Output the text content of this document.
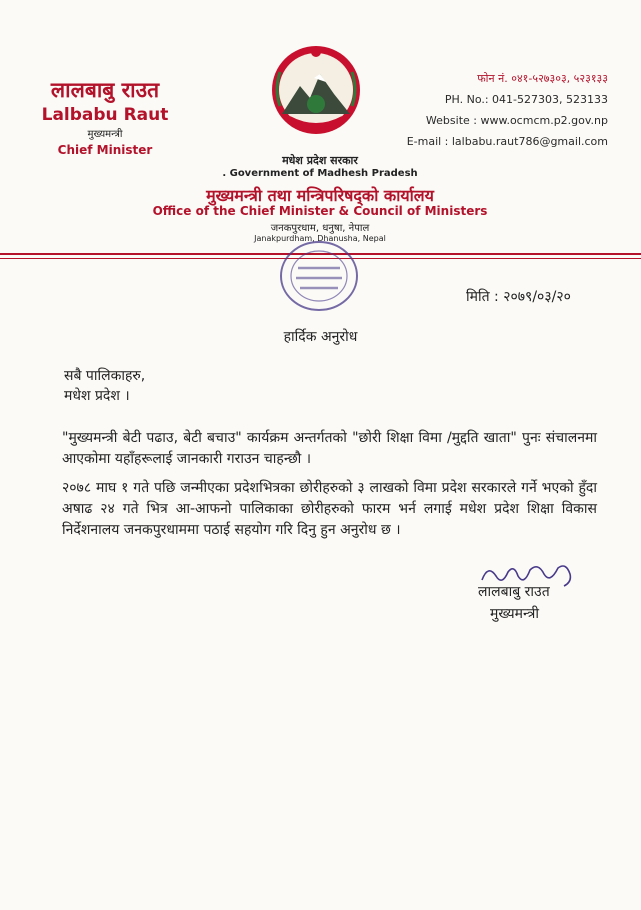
लालबाबु राउत
Lalbabu Raut
मुख्यमन्त्री
Chief Minister
फोन नं. ०४१-५२७३०३, ५२३१३३
PH. No.: 041-527303, 523133
Website : www.ocmcm.p2.gov.np
E-mail : lalbabu.raut786@gmail.com
मधेश प्रदेश सरकार
. Government of Madhesh Pradesh
मुख्यमन्त्री तथा मन्त्रिपरिषद्को कार्यालय
Office of the Chief Minister & Council of Ministers
जनकपुरधाम, धनुषा, नेपाल
Janakpurdham, Dhanusha, Nepal
मिति : २०७९/०३/२०
हार्दिक अनुरोध
सबै पालिकाहरु,
मधेश प्रदेश ।
"मुख्यमन्त्री बेटी पढाउ, बेटी बचाउ" कार्यक्रम अन्तर्गतको "छोरी शिक्षा विमा /मुद्दति खाता" पुनः संचालनमा आएकोमा यहाँहरूलाई जानकारी गराउन चाहन्छौ ।
२०७८ माघ १ गते पछि जन्मीएका प्रदेशभित्रका छोरीहरुको ३ लाखको विमा प्रदेश सरकारले गर्ने भएको हुँदा अषाढ २४ गते भित्र आ-आफनो पालिकाका छोरीहरुको फारम भर्न लगाई मधेश प्रदेश शिक्षा विकास निर्देशनालय जनकपुरधाममा पठाई सहयोग गरि दिनु हुन अनुरोध छ ।
लालबाबु राउत
मुख्यमन्त्री
